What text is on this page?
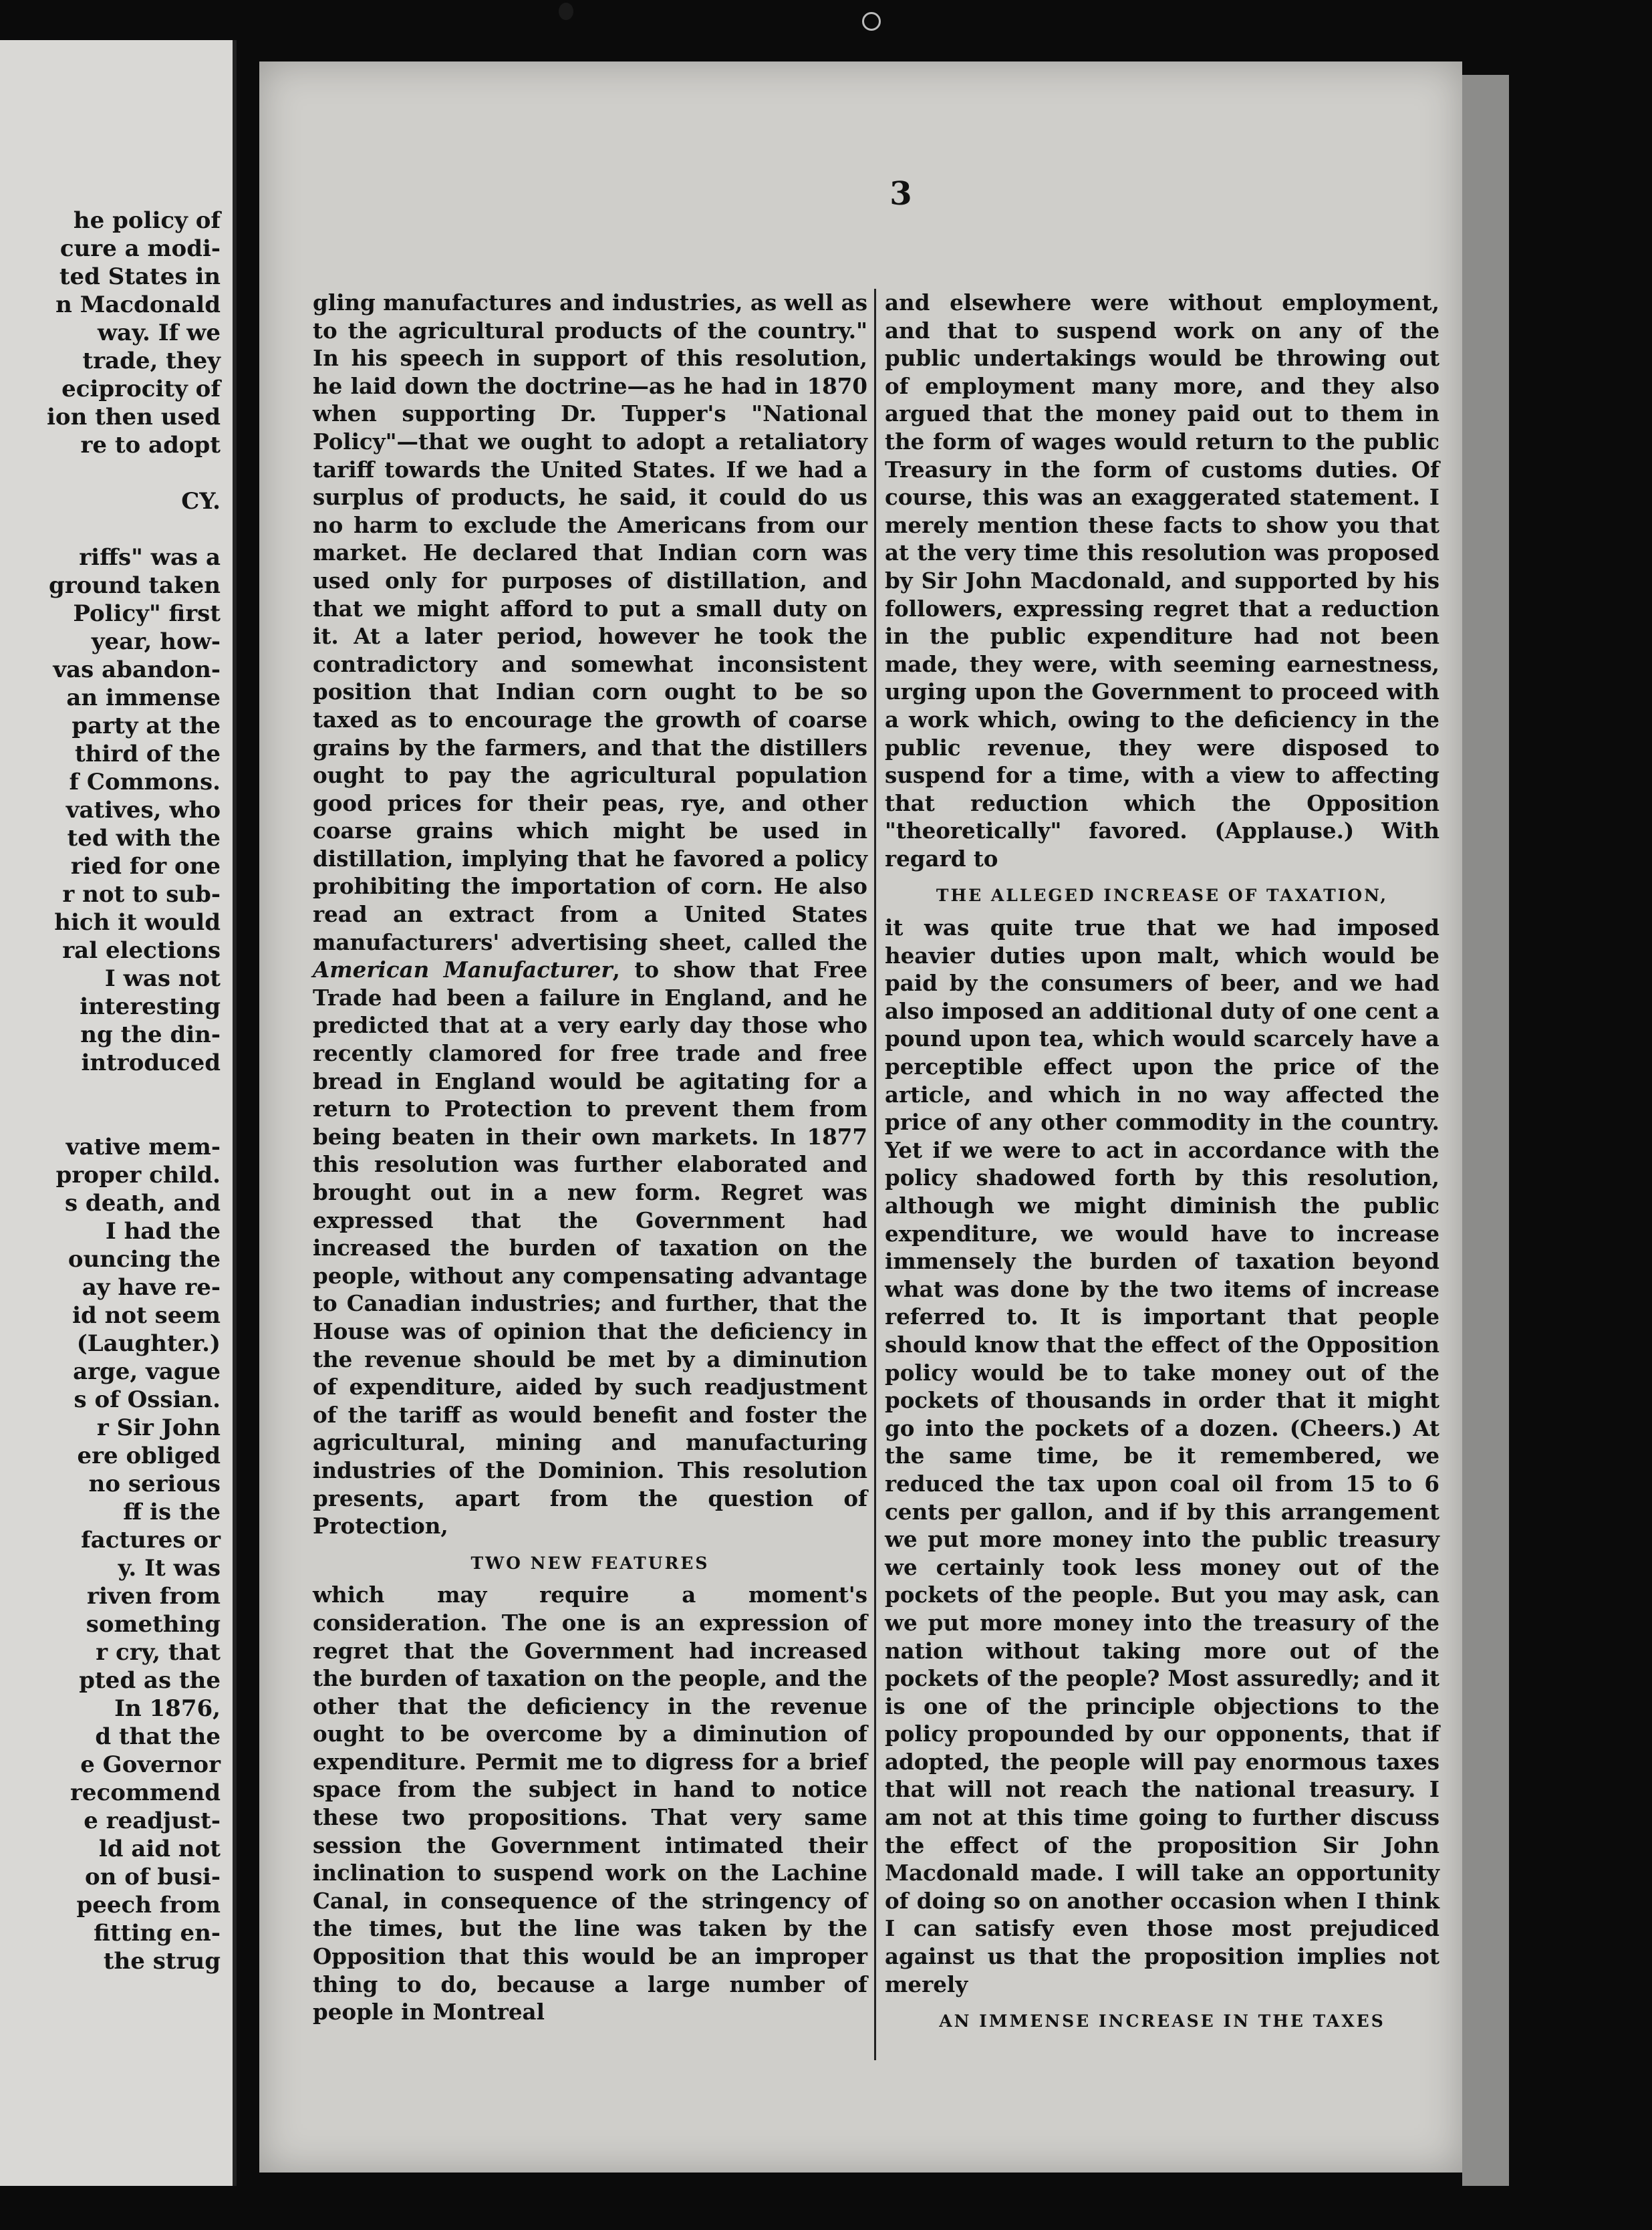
he policy of
cure a modi-
ted States in
n Macdonald
way. If we
trade, they
eciprocity of
ion then used
re to adopt
CY.
riffs" was a
ground taken
Policy" first
year, how-
vas abandon-
an immense
party at the
third of the
f Commons.
vatives, who
ted with the
ried for one
r not to sub-
hich it would
ral elections
I was not
interesting
ng the din-
introduced
vative mem-
proper child.
s death, and
I had the
ouncing the
ay have re-
id not seem
(Laughter.)
arge, vague
s of Ossian.
r Sir John
ere obliged
no serious
ff is the
factures or
y. It was
riven from
something
r cry, that
pted as the
In 1876,
d that the
e Governor
recommend
e readjust-
ld aid not
on of busi-
peech from
fitting en-
the strug
3

gling manufactures and industries, as well as to the agricultural products of the country." In his speech in support of this resolution, he laid down the doctrine—as he had in 1870 when supporting Dr. Tupper's "National Policy"—that we ought to adopt a retaliatory tariff towards the United States. If we had a surplus of products, he said, it could do us no harm to exclude the Americans from our market. He declared that Indian corn was used only for purposes of distillation, and that we might afford to put a small duty on it. At a later period, however he took the contradictory and somewhat inconsistent position that Indian corn ought to be so taxed as to encourage the growth of coarse grains by the farmers, and that the distillers ought to pay the agricultural population good prices for their peas, rye, and other coarse grains which might be used in distillation, implying that he favored a policy prohibiting the importation of corn. He also read an extract from a United States manufacturers' advertising sheet, called the American Manufacturer, to show that Free Trade had been a failure in England, and he predicted that at a very early day those who recently clamored for free trade and free bread in England would be agitating for a return to Protection to prevent them from being beaten in their own markets. In 1877 this resolution was further elaborated and brought out in a new form. Regret was expressed that the Government had increased the burden of taxation on the people, without any compensating advantage to Canadian industries; and further, that the House was of opinion that the deficiency in the revenue should be met by a diminution of expenditure, aided by such readjustment of the tariff as would benefit and foster the agricultural, mining and manufacturing industries of the Dominion. This resolution presents, apart from the question of Protection,

TWO NEW FEATURES

which may require a moment's consideration. The one is an expression of regret that the Government had increased the burden of taxation on the people, and the other that the deficiency in the revenue ought to be overcome by a diminution of expenditure. Permit me to digress for a brief space from the subject in hand to notice these two propositions. That very same session the Government intimated their inclination to suspend work on the Lachine Canal, in consequence of the stringency of the times, but the line was taken by the Opposition that this would be an improper thing to do, because a large number of people in Montreal

and elsewhere were without employment, and that to suspend work on any of the public undertakings would be throwing out of employment many more, and they also argued that the money paid out to them in the form of wages would return to the public Treasury in the form of customs duties. Of course, this was an exaggerated statement. I merely mention these facts to show you that at the very time this resolution was proposed by Sir John Macdonald, and supported by his followers, expressing regret that a reduction in the public expenditure had not been made, they were, with seeming earnestness, urging upon the Government to proceed with a work which, owing to the deficiency in the public revenue, they were disposed to suspend for a time, with a view to affecting that reduction which the Opposition "theoretically" favored. (Applause.) With regard to

THE ALLEGED INCREASE OF TAXATION,

it was quite true that we had imposed heavier duties upon malt, which would be paid by the consumers of beer, and we had also imposed an additional duty of one cent a pound upon tea, which would scarcely have a perceptible effect upon the price of the article, and which in no way affected the price of any other commodity in the country. Yet if we were to act in accordance with the policy shadowed forth by this resolution, although we might diminish the public expenditure, we would have to increase immensely the burden of taxation beyond what was done by the two items of increase referred to. It is important that people should know that the effect of the Opposition policy would be to take money out of the pockets of thousands in order that it might go into the pockets of a dozen. (Cheers.) At the same time, be it remembered, we reduced the tax upon coal oil from 15 to 6 cents per gallon, and if by this arrangement we put more money into the public treasury we certainly took less money out of the pockets of the people. But you may ask, can we put more money into the treasury of the nation without taking more out of the pockets of the people? Most assuredly; and it is one of the principle objections to the policy propounded by our opponents, that if adopted, the people will pay enormous taxes that will not reach the national treasury. I am not at this time going to further discuss the effect of the proposition Sir John Macdonald made. I will take an opportunity of doing so on another occasion when I think I can satisfy even those most prejudiced against us that the proposition implies not merely

AN IMMENSE INCREASE IN THE TAXES
